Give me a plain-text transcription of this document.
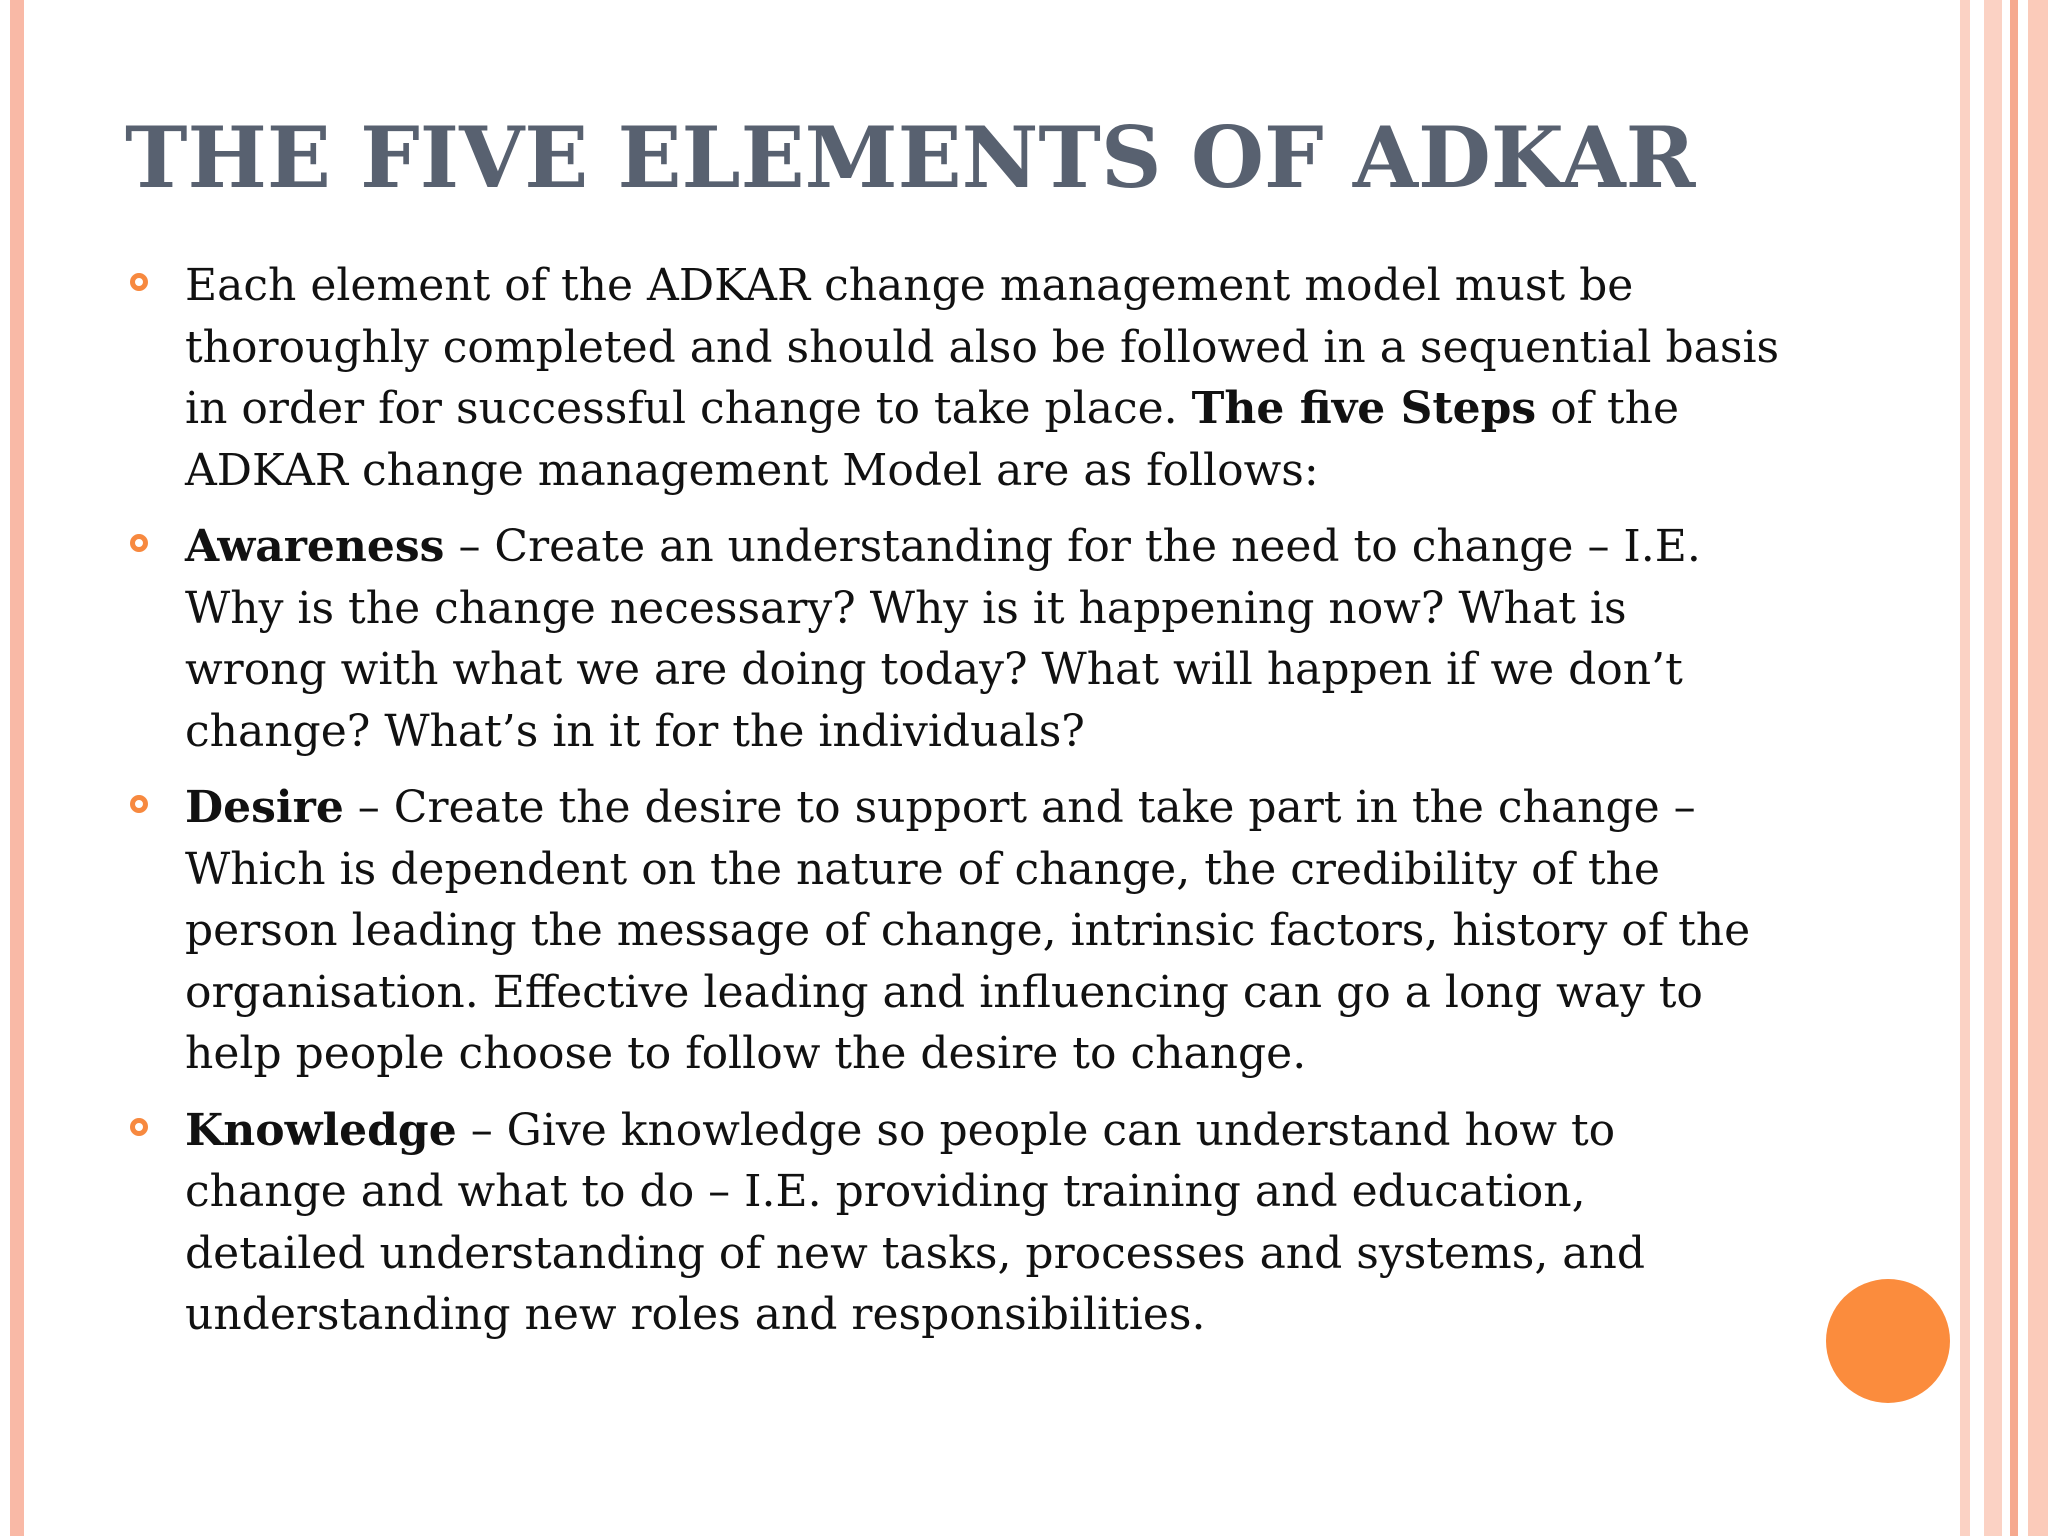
THE FIVE ELEMENTS OF ADKAR

Each element of the ADKAR change management model must be thoroughly completed and should also be followed in a sequential basis in order for successful change to take place. The five Steps of the ADKAR change management Model are as follows:

Awareness – Create an understanding for the need to change – I.E. Why is the change necessary? Why is it happening now? What is wrong with what we are doing today? What will happen if we don’t change? What’s in it for the individuals?

Desire – Create the desire to support and take part in the change – Which is dependent on the nature of change, the credibility of the person leading the message of change, intrinsic factors, history of the organisation. Effective leading and influencing can go a long way to help people choose to follow the desire to change.

Knowledge – Give knowledge so people can understand how to change and what to do – I.E. providing training and education, detailed understanding of new tasks, processes and systems, and understanding new roles and responsibilities.
